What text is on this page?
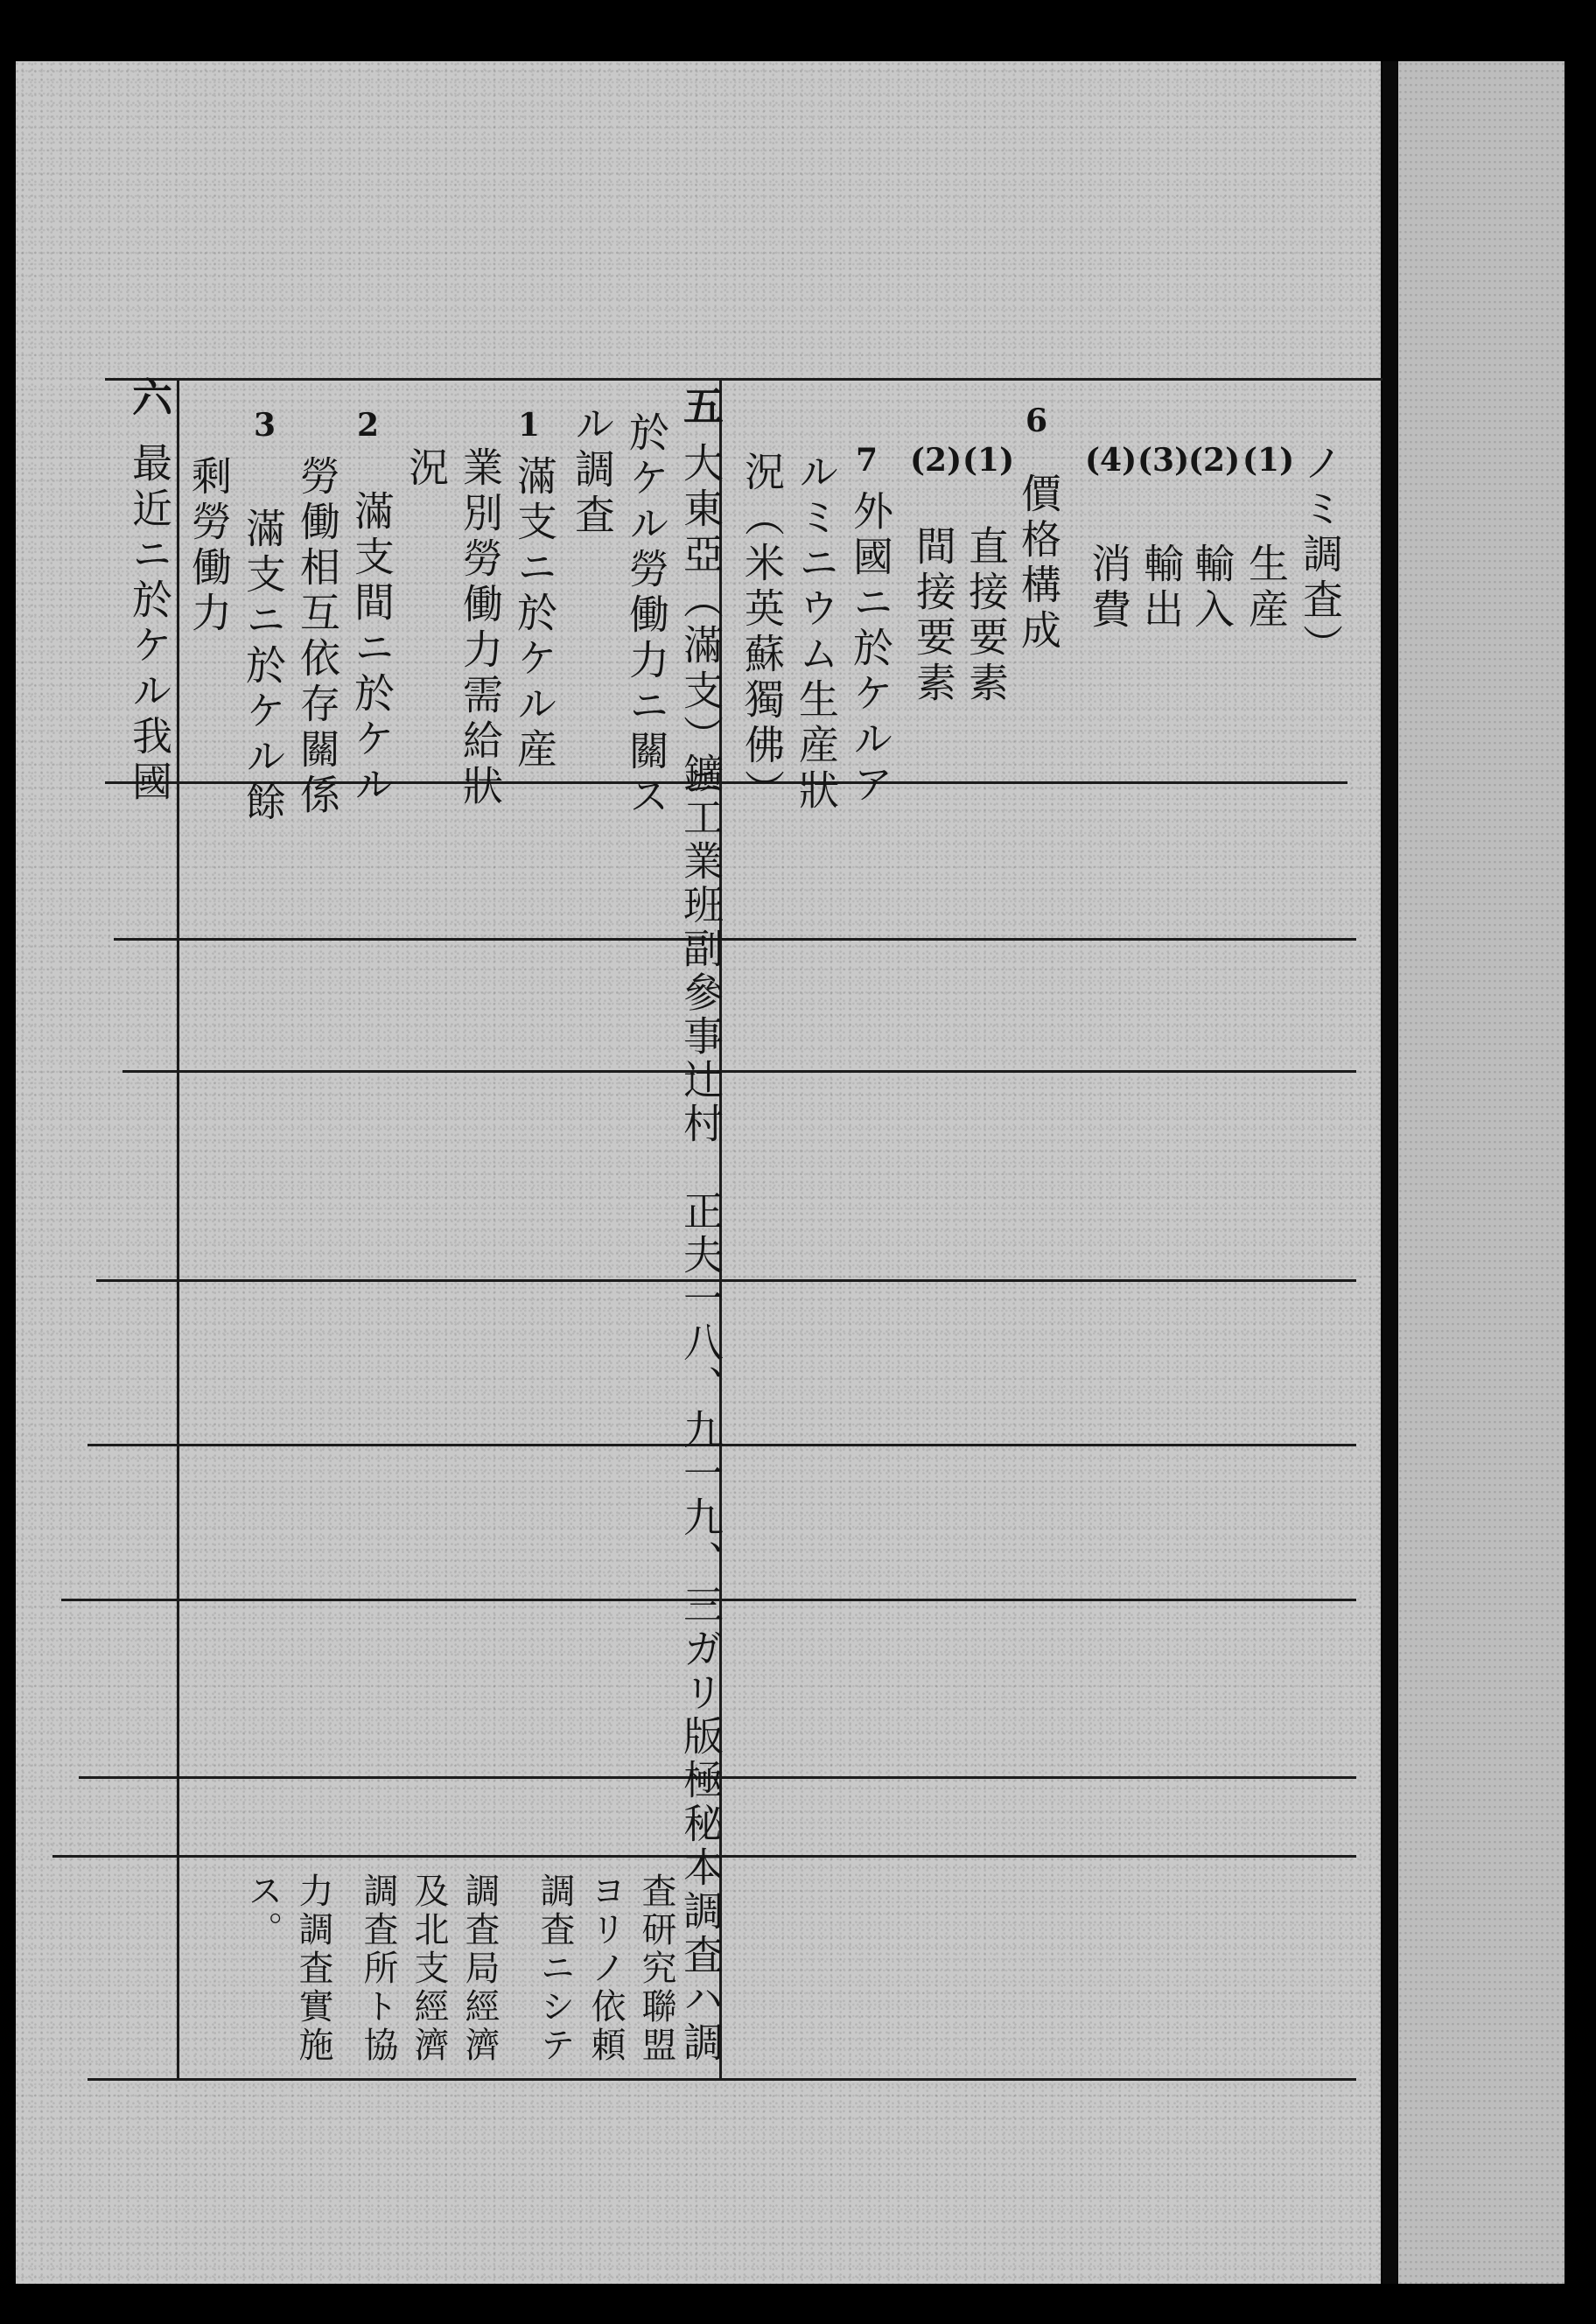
ノミ調査）
(1)
生産
(2)
輸入
(3)
輸出
(4)
消費
6
價格構成
(1)
直接要素
(2)
間接要素
7
外國ニ於ケルア
ルミニウム生産狀
況（米英蘇獨佛）
五
大東亞（滿支）ニ
鑛工業班副參事辻村　正夫一八、九一九、三ガリ版極秘本調査ハ調
於ケル勞働力ニ關ス
ル調査
1
滿支ニ於ケル産
業別勞働力需給狀
況
2
滿支間ニ於ケル
勞働相互依存關係
3
滿支ニ於ケル餘
剩勞働力
査研究聯盟
ヨリノ依頼
調査ニシテ
調査局經濟
及北支經濟
調査所ト協
力調査實施
ス。
六
最近ニ於ケル我國
